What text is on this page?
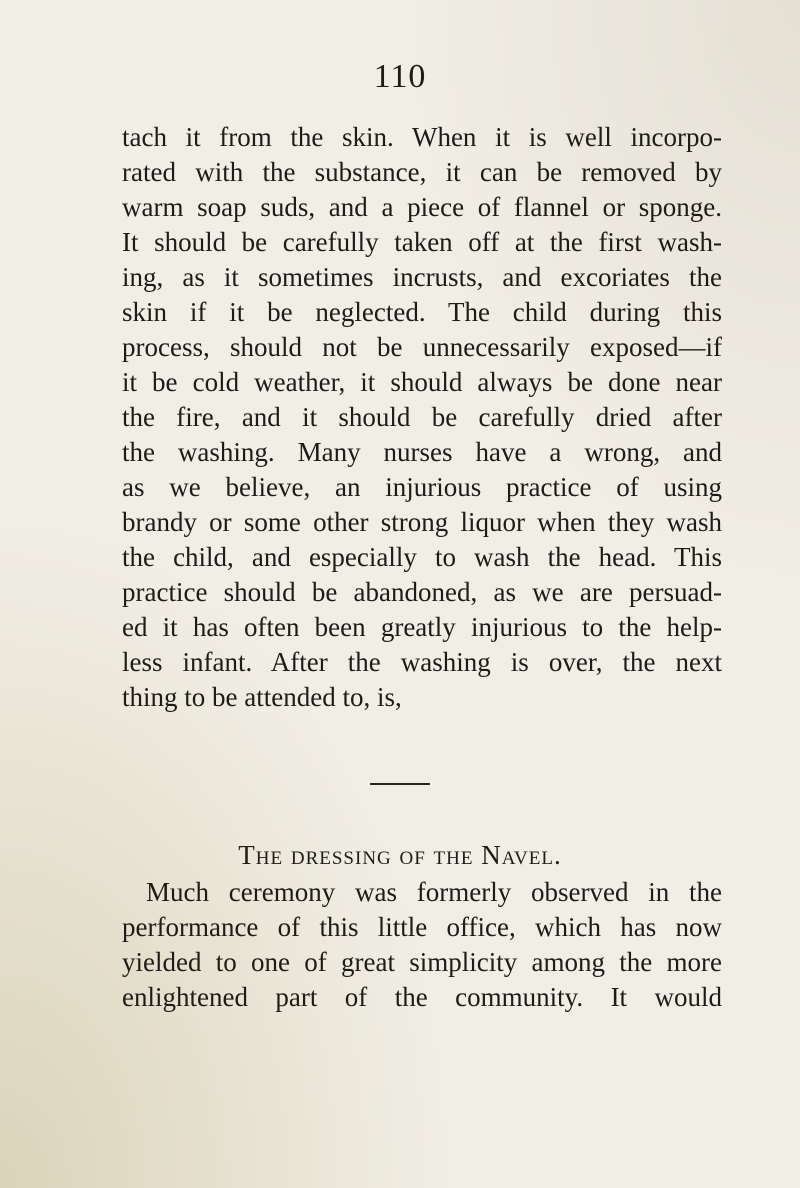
110
tach it from the skin. When it is well incorpo-
rated with the substance, it can be removed by
warm soap suds, and a piece of flannel or sponge.
It should be carefully taken off at the first wash-
ing, as it sometimes incrusts, and excoriates the
skin if it be neglected. The child during this
process, should not be unnecessarily exposed—if
it be cold weather, it should always be done near
the fire, and it should be carefully dried after
the washing. Many nurses have a wrong, and
as we believe, an injurious practice of using
brandy or some other strong liquor when they wash
the child, and especially to wash the head. This
practice should be abandoned, as we are persuad-
ed it has often been greatly injurious to the help-
less infant. After the washing is over, the next
thing to be attended to, is,
The dressing of the Navel.
Much ceremony was formerly observed in the
performance of this little office, which has now
yielded to one of great simplicity among the more
enlightened part of the community. It would
